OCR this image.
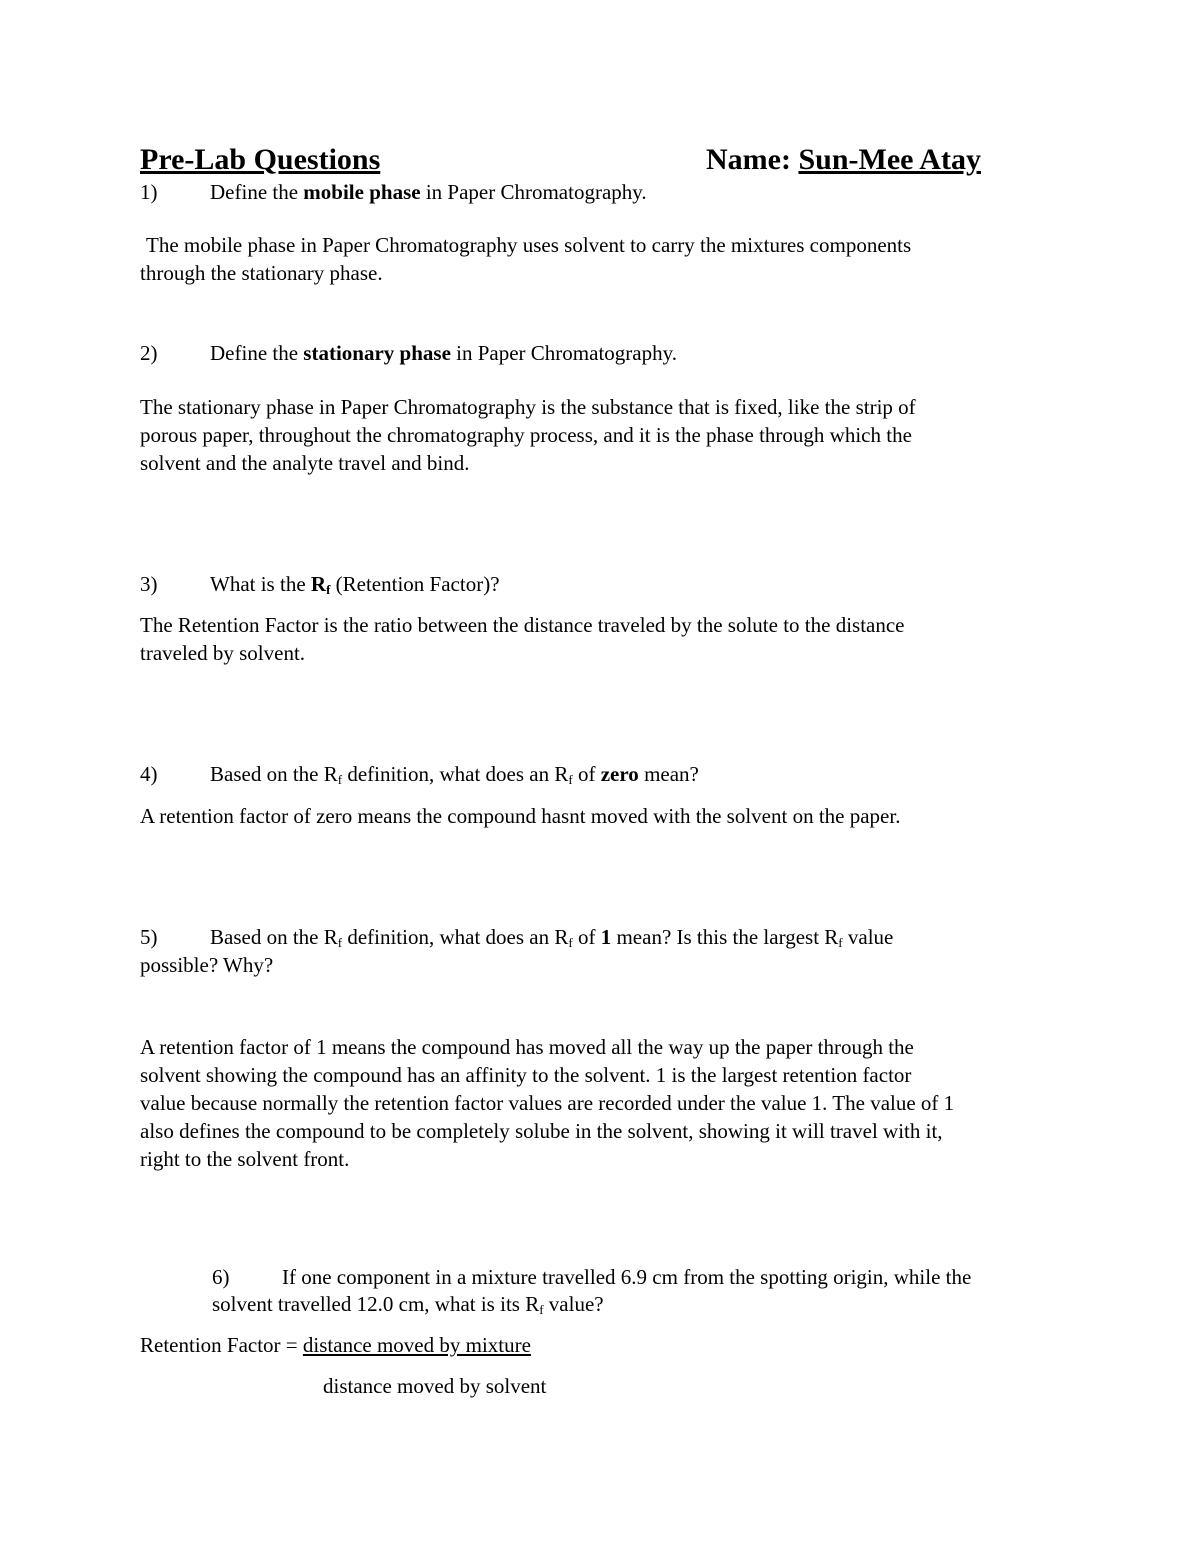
Pre-Lab Questions	Name: Sun-Mee Atay
1)	Define the mobile phase in Paper Chromatography.

The mobile phase in Paper Chromatography uses solvent to carry the mixtures components

through the stationary phase.

2)	Define the stationary phase in Paper Chromatography.

The stationary phase in Paper Chromatography is the substance that is fixed, like the strip of

porous paper, throughout the chromatography process, and it is the phase through which the

solvent and the analyte travel and bind.

3)	What is the $R_f$ (Retention Factor)?

The Retention Factor is the ratio between the distance traveled by the solute to the distance

traveled by solvent.

4)	Based on the $R_f$ definition, what does an $R_f$ of zero mean?

A retention factor of zero means the compound hasnt moved with the solvent on the paper.

5)	Based on the $R_f$ definition, what does an $R_f$ of 1 mean? Is this the largest $R_f$ value
possible? Why?

A retention factor of 1 means the compound has moved all the way up the paper through the

solvent showing the compound has an affinity to the solvent. 1 is the largest retention factor

value because normally the retention factor values are recorded under the value 1. The value of 1

also defines the compound to be completely solube in the solvent, showing it will travel with it,

right to the solvent front.

6)	If one component in a mixture travelled 6.9 cm from the spotting origin, while the
solvent travelled 12.0 cm, what is its $R_f$ value?
Retention Factor = distance moved by mixture
distance moved by solvent
